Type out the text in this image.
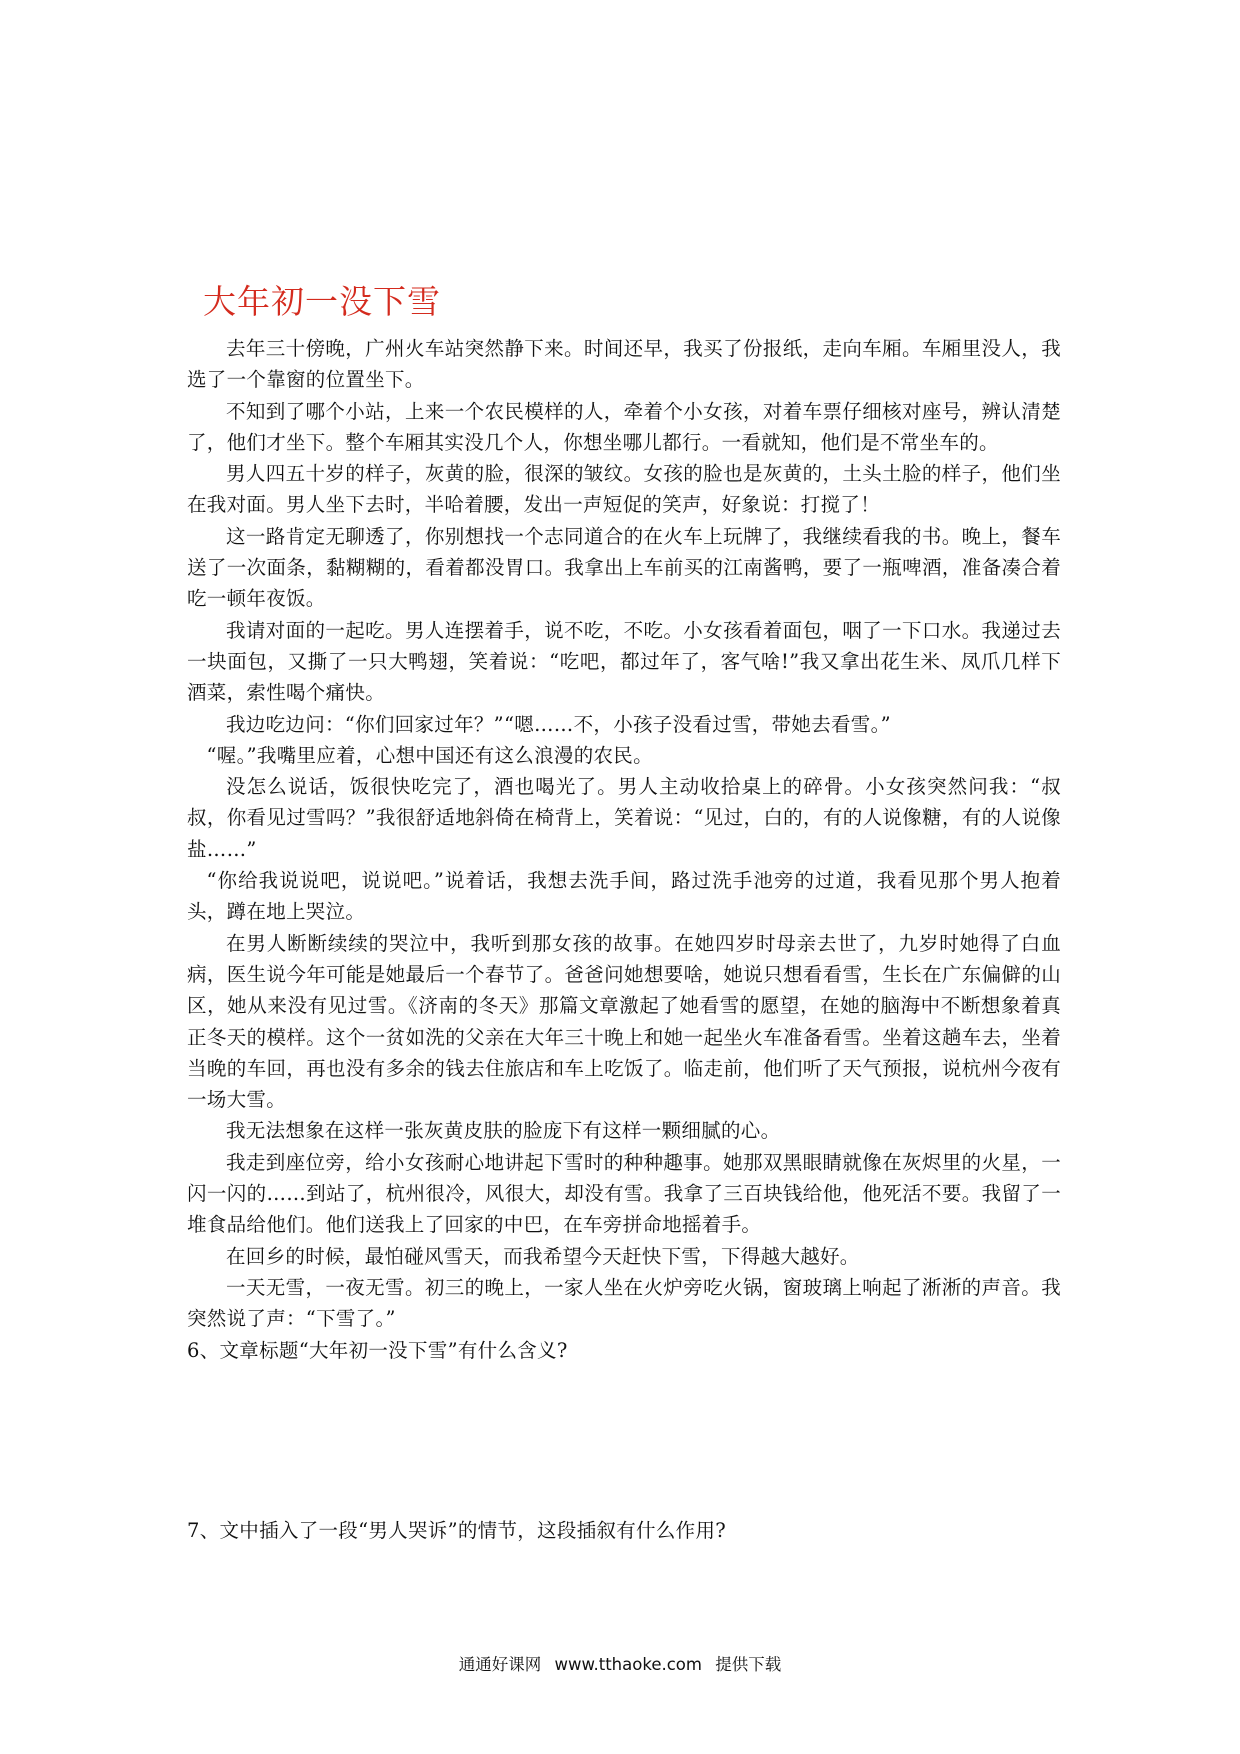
大年初一没下雪

去年三十傍晚，广州火车站突然静下来。时间还早，我买了份报纸，走向车厢。车厢里没人，我选了一个靠窗的位置坐下。

不知到了哪个小站，上来一个农民模样的人，牵着个小女孩，对着车票仔细核对座号，辨认清楚了，他们才坐下。整个车厢其实没几个人，你想坐哪儿都行。一看就知，他们是不常坐车的。

男人四五十岁的样子，灰黄的脸，很深的皱纹。女孩的脸也是灰黄的，土头土脸的样子，他们坐在我对面。男人坐下去时，半哈着腰，发出一声短促的笑声，好象说：打搅了！

这一路肯定无聊透了，你别想找一个志同道合的在火车上玩牌了，我继续看我的书。晚上，餐车送了一次面条，黏糊糊的，看着都没胃口。我拿出上车前买的江南酱鸭，要了一瓶啤酒，准备凑合着吃一顿年夜饭。

我请对面的一起吃。男人连摆着手，说不吃，不吃。小女孩看着面包，咽了一下口水。我递过去一块面包，又撕了一只大鸭翅，笑着说：“吃吧，都过年了，客气啥!”我又拿出花生米、凤爪几样下酒菜，索性喝个痛快。

我边吃边问：“你们回家过年？”“嗯……不，小孩子没看过雪，带她去看雪。”

“喔。”我嘴里应着，心想中国还有这么浪漫的农民。

没怎么说话，饭很快吃完了，酒也喝光了。男人主动收拾桌上的碎骨。小女孩突然问我：“叔叔，你看见过雪吗？”我很舒适地斜倚在椅背上，笑着说：“见过，白的，有的人说像糖，有的人说像盐……”

“你给我说说吧，说说吧。”说着话，我想去洗手间，路过洗手池旁的过道，我看见那个男人抱着头，蹲在地上哭泣。

在男人断断续续的哭泣中，我听到那女孩的故事。在她四岁时母亲去世了，九岁时她得了白血病，医生说今年可能是她最后一个春节了。爸爸问她想要啥，她说只想看看雪，生长在广东偏僻的山区，她从来没有见过雪。《济南的冬天》那篇文章激起了她看雪的愿望，在她的脑海中不断想象着真正冬天的模样。这个一贫如洗的父亲在大年三十晚上和她一起坐火车准备看雪。坐着这趟车去，坐着当晚的车回，再也没有多余的钱去住旅店和车上吃饭了。临走前，他们听了天气预报，说杭州今夜有一场大雪。

我无法想象在这样一张灰黄皮肤的脸庞下有这样一颗细腻的心。

我走到座位旁，给小女孩耐心地讲起下雪时的种种趣事。她那双黑眼睛就像在灰烬里的火星，一闪一闪的……到站了，杭州很冷，风很大，却没有雪。我拿了三百块钱给他，他死活不要。我留了一堆食品给他们。他们送我上了回家的中巴，在车旁拼命地摇着手。

在回乡的时候，最怕碰风雪天，而我希望今天赶快下雪，下得越大越好。

一天无雪，一夜无雪。初三的晚上，一家人坐在火炉旁吃火锅，窗玻璃上响起了淅淅的声音。我突然说了声：“下雪了。”

6、文章标题“大年初一没下雪”有什么含义?

7、文中插入了一段“男人哭诉”的情节，这段插叙有什么作用?

通通好课网 www.tthaoke.com 提供下载
